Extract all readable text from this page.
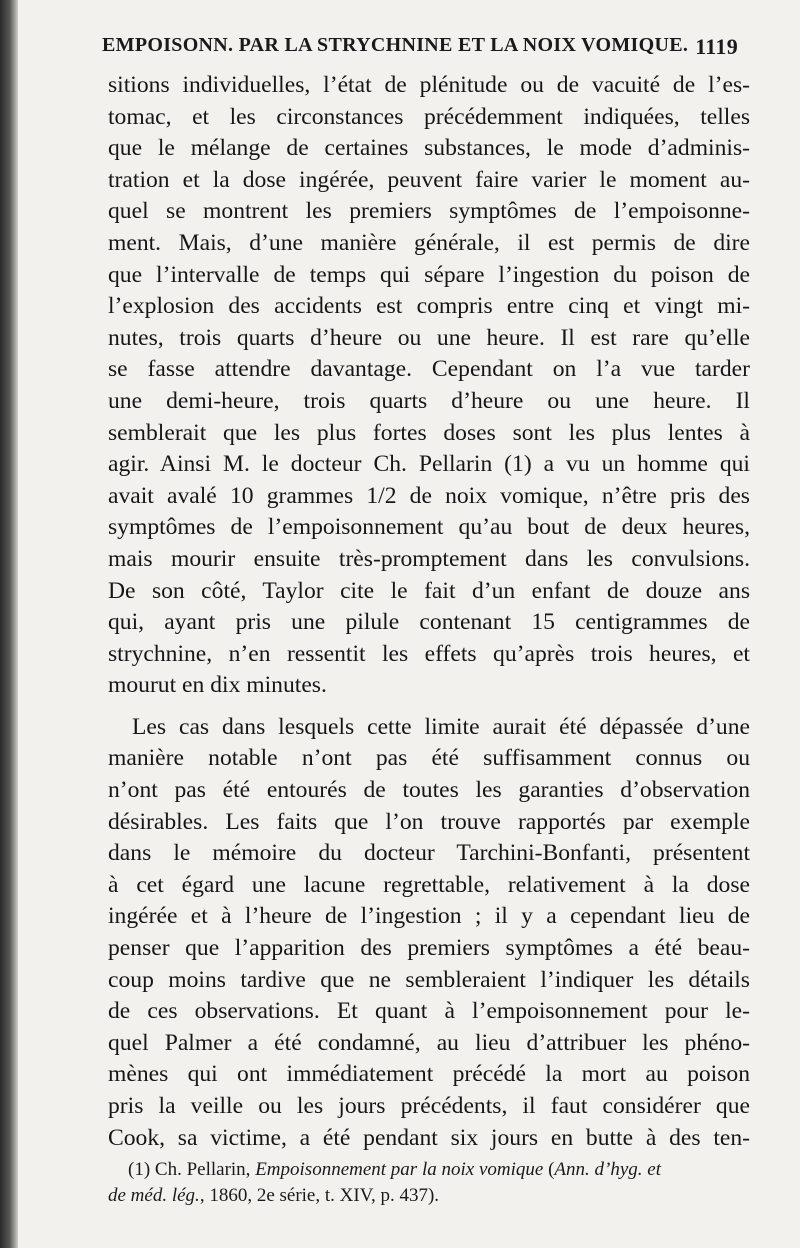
EMPOISONN. PAR LA STRYCHNINE ET LA NOIX VOMIQUE. 1119

sitions individuelles, l’état de plénitude ou de vacuité de l’es-
tomac, et les circonstances précédemment indiquées, telles
que le mélange de certaines substances, le mode d’adminis-
tration et la dose ingérée, peuvent faire varier le moment au-
quel se montrent les premiers symptômes de l’empoisonne-
ment. Mais, d’une manière générale, il est permis de dire
que l’intervalle de temps qui sépare l’ingestion du poison de
l’explosion des accidents est compris entre cinq et vingt mi-
nutes, trois quarts d’heure ou une heure. Il est rare qu’elle
se fasse attendre davantage. Cependant on l’a vue tarder
une demi-heure, trois quarts d’heure ou une heure. Il
semblerait que les plus fortes doses sont les plus lentes à
agir. Ainsi M. le docteur Ch. Pellarin (1) a vu un homme qui
avait avalé 10 grammes 1/2 de noix vomique, n’être pris des
symptômes de l’empoisonnement qu’au bout de deux heures,
mais mourir ensuite très-promptement dans les convulsions.
De son côté, Taylor cite le fait d’un enfant de douze ans
qui, ayant pris une pilule contenant 15 centigrammes de
strychnine, n’en ressentit les effets qu’après trois heures, et
mourut en dix minutes.

Les cas dans lesquels cette limite aurait été dépassée d’une
manière notable n’ont pas été suffisamment connus ou
n’ont pas été entourés de toutes les garanties d’observation
désirables. Les faits que l’on trouve rapportés par exemple
dans le mémoire du docteur Tarchini-Bonfanti, présentent
à cet égard une lacune regrettable, relativement à la dose
ingérée et à l’heure de l’ingestion ; il y a cependant lieu de
penser que l’apparition des premiers symptômes a été beau-
coup moins tardive que ne sembleraient l’indiquer les détails
de ces observations. Et quant à l’empoisonnement pour le-
quel Palmer a été condamné, au lieu d’attribuer les phéno-
mènes qui ont immédiatement précédé la mort au poison
pris la veille ou les jours précédents, il faut considérer que
Cook, sa victime, a été pendant six jours en butte à des ten-

(1) Ch. Pellarin, Empoisonnement par la noix vomique (Ann. d’hyg. et
de méd. lég., 1860, 2e série, t. XIV, p. 437).
